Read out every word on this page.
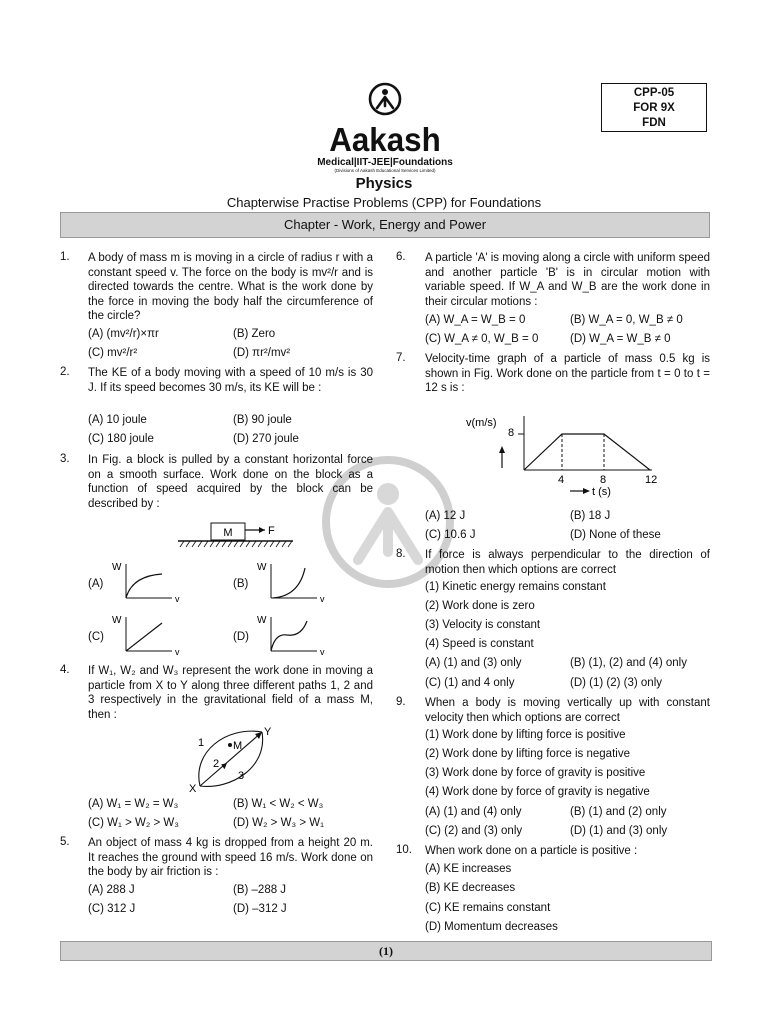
CPP-05
FOR 9X
FDN
Aakash
Medical|IIT-JEE|Foundations
(Divisions of Aakash Educational Services Limited)
Physics
Chapterwise Practise Problems (CPP) for Foundations
Chapter - Work, Energy and Power
1. A body of mass m is moving in a circle of radius r with a constant speed v. The force on the body is mv²/r and is directed towards the centre. What is the work done by the force in moving the body half the circumference of the circle?
(A) (mv²/r)×πr	(B) Zero
(C) mv²/r²	(D) πr²/mv²
2. The KE of a body moving with a speed of 10 m/s is 30 J. If its speed becomes 30 m/s, its KE will be :
(A) 10 joule	(B) 90 joule
(C) 180 joule	(D) 270 joule
3. In Fig. a block is pulled by a constant horizontal force on a smooth surface. Work done on the block as a function of speed acquired by the block can be described by :
M	F
(A)
W
v
(B)
W
v
(C)
W
v
(D)
W
v
4. If W₁, W₂ and W₃ represent the work done in moving a particle from X to Y along three different paths 1, 2 and 3 respectively in the gravitational field of a mass M, then :
1	M
Y
2
3
X
(A) W₁ = W₂ = W₃	(B) W₁ < W₂ < W₃
(C) W₁ > W₂ > W₃	(D) W₂ > W₃ > W₁
5. An object of mass 4 kg is dropped from a height 20 m. It reaches the ground with speed 16 m/s. Work done on the body by air friction is :
(A) 288 J	(B) –288 J
(C) 312 J	(D) –312 J
6. A particle 'A' is moving along a circle with uniform speed and another particle 'B' is in circular motion with variable speed. If W_A and W_B are the work done in their circular motions :
(A) W_A = W_B = 0	(B) W_A = 0, W_B ≠ 0
(C) W_A ≠ 0, W_B = 0	(D) W_A = W_B ≠ 0
7. Velocity-time graph of a particle of mass 0.5 kg is shown in Fig. Work done on the particle from t = 0 to t = 12 s is :
v(m/s)
8
4	8	12
t (s)
(A) 12 J	(B) 18 J
(C) 10.6 J	(D) None of these
8. If force is always perpendicular to the direction of motion then which options are correct
(1) Kinetic energy remains constant
(2) Work done is zero
(3) Velocity is constant
(4) Speed is constant
(A) (1) and (3) only	(B) (1), (2) and (4) only
(C) (1) and 4 only	(D) (1) (2) (3) only
9. When a body is moving vertically up with constant velocity then which options are correct
(1) Work done by lifting force is positive
(2) Work done by lifting force is negative
(3) Work done by force of gravity is positive
(4) Work done by force of gravity is negative
(A) (1) and (4) only	(B) (1) and (2) only
(C) (2) and (3) only	(D) (1) and (3) only
10. When work done on a particle is positive :
(A) KE increases
(B) KE decreases
(C) KE remains constant
(D) Momentum decreases
(1)
